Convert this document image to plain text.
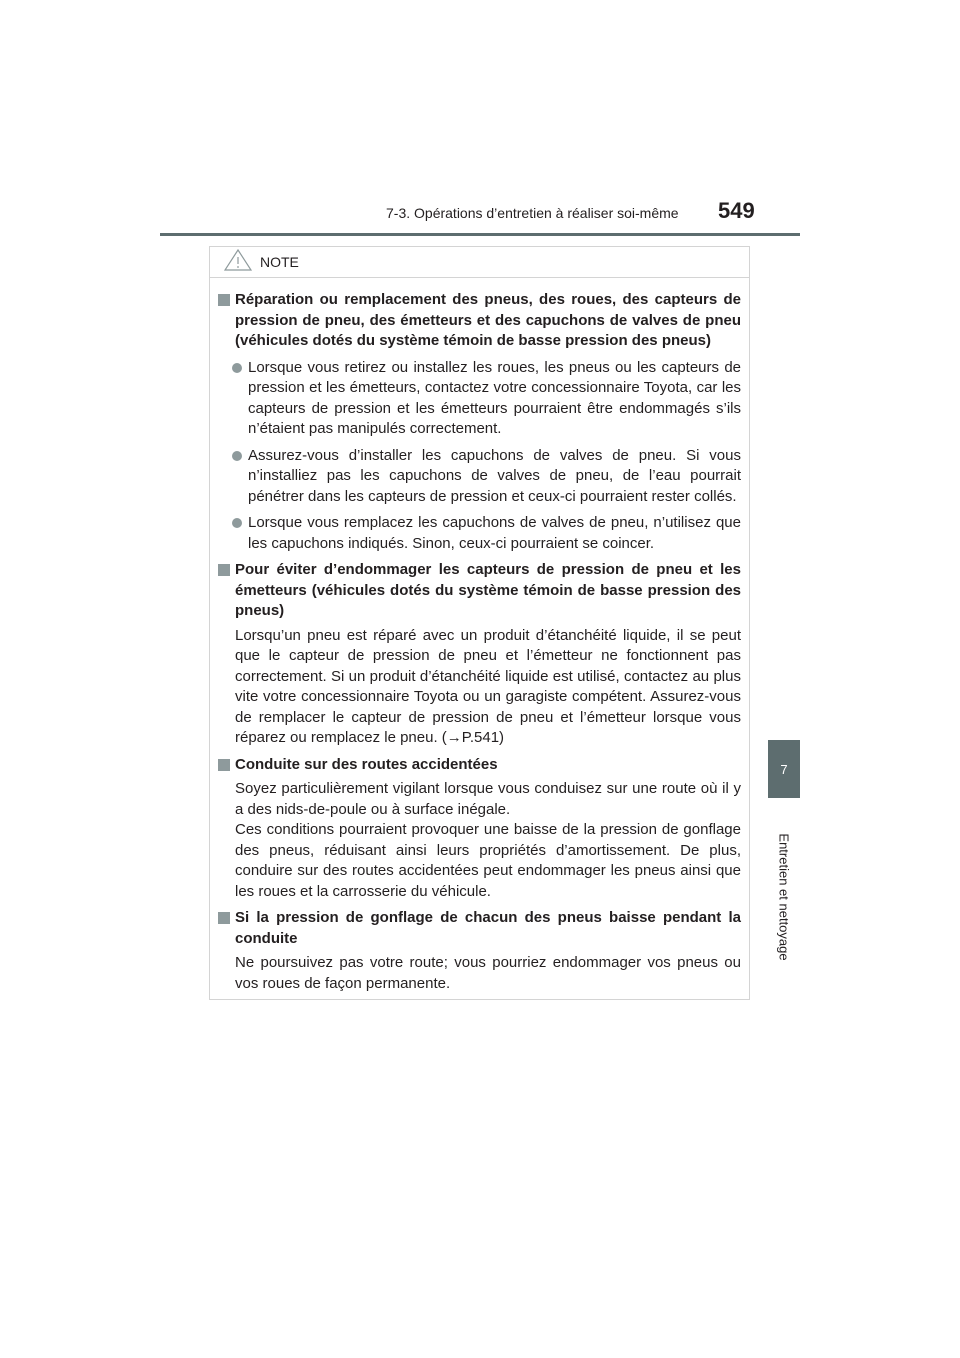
7-3. Opérations d’entretien à réaliser soi-même 549
7
Entretien et nettoyage
NOTE
Réparation ou remplacement des pneus, des roues, des capteurs de pression de pneu, des émetteurs et des capuchons de valves de pneu (véhicules dotés du système témoin de basse pression des pneus)
Lorsque vous retirez ou installez les roues, les pneus ou les capteurs de pression et les émetteurs, contactez votre concessionnaire Toyota, car les capteurs de pression et les émetteurs pourraient être endommagés s’ils n’étaient pas manipulés correctement.
Assurez-vous d’installer les capuchons de valves de pneu. Si vous n’installiez pas les capuchons de valves de pneu, de l’eau pourrait pénétrer dans les capteurs de pression et ceux-ci pourraient rester collés.
Lorsque vous remplacez les capuchons de valves de pneu, n’utilisez que les capuchons indiqués. Sinon, ceux-ci pourraient se coincer.
Pour éviter d’endommager les capteurs de pression de pneu et les émetteurs (véhicules dotés du système témoin de basse pression des pneus)
Lorsqu’un pneu est réparé avec un produit d’étanchéité liquide, il se peut que le capteur de pression de pneu et l’émetteur ne fonctionnent pas correctement. Si un produit d’étanchéité liquide est utilisé, contactez au plus vite votre concessionnaire Toyota ou un garagiste compétent. Assurez-vous de remplacer le capteur de pression de pneu et l’émetteur lorsque vous réparez ou remplacez le pneu. (→P.541)
Conduite sur des routes accidentées
Soyez particulièrement vigilant lorsque vous conduisez sur une route où il y a des nids-de-poule ou à surface inégale.
Ces conditions pourraient provoquer une baisse de la pression de gonflage des pneus, réduisant ainsi leurs propriétés d’amortissement. De plus, conduire sur des routes accidentées peut endommager les pneus ainsi que les roues et la carrosserie du véhicule.
Si la pression de gonflage de chacun des pneus baisse pendant la conduite
Ne poursuivez pas votre route; vous pourriez endommager vos pneus ou vos roues de façon permanente.
